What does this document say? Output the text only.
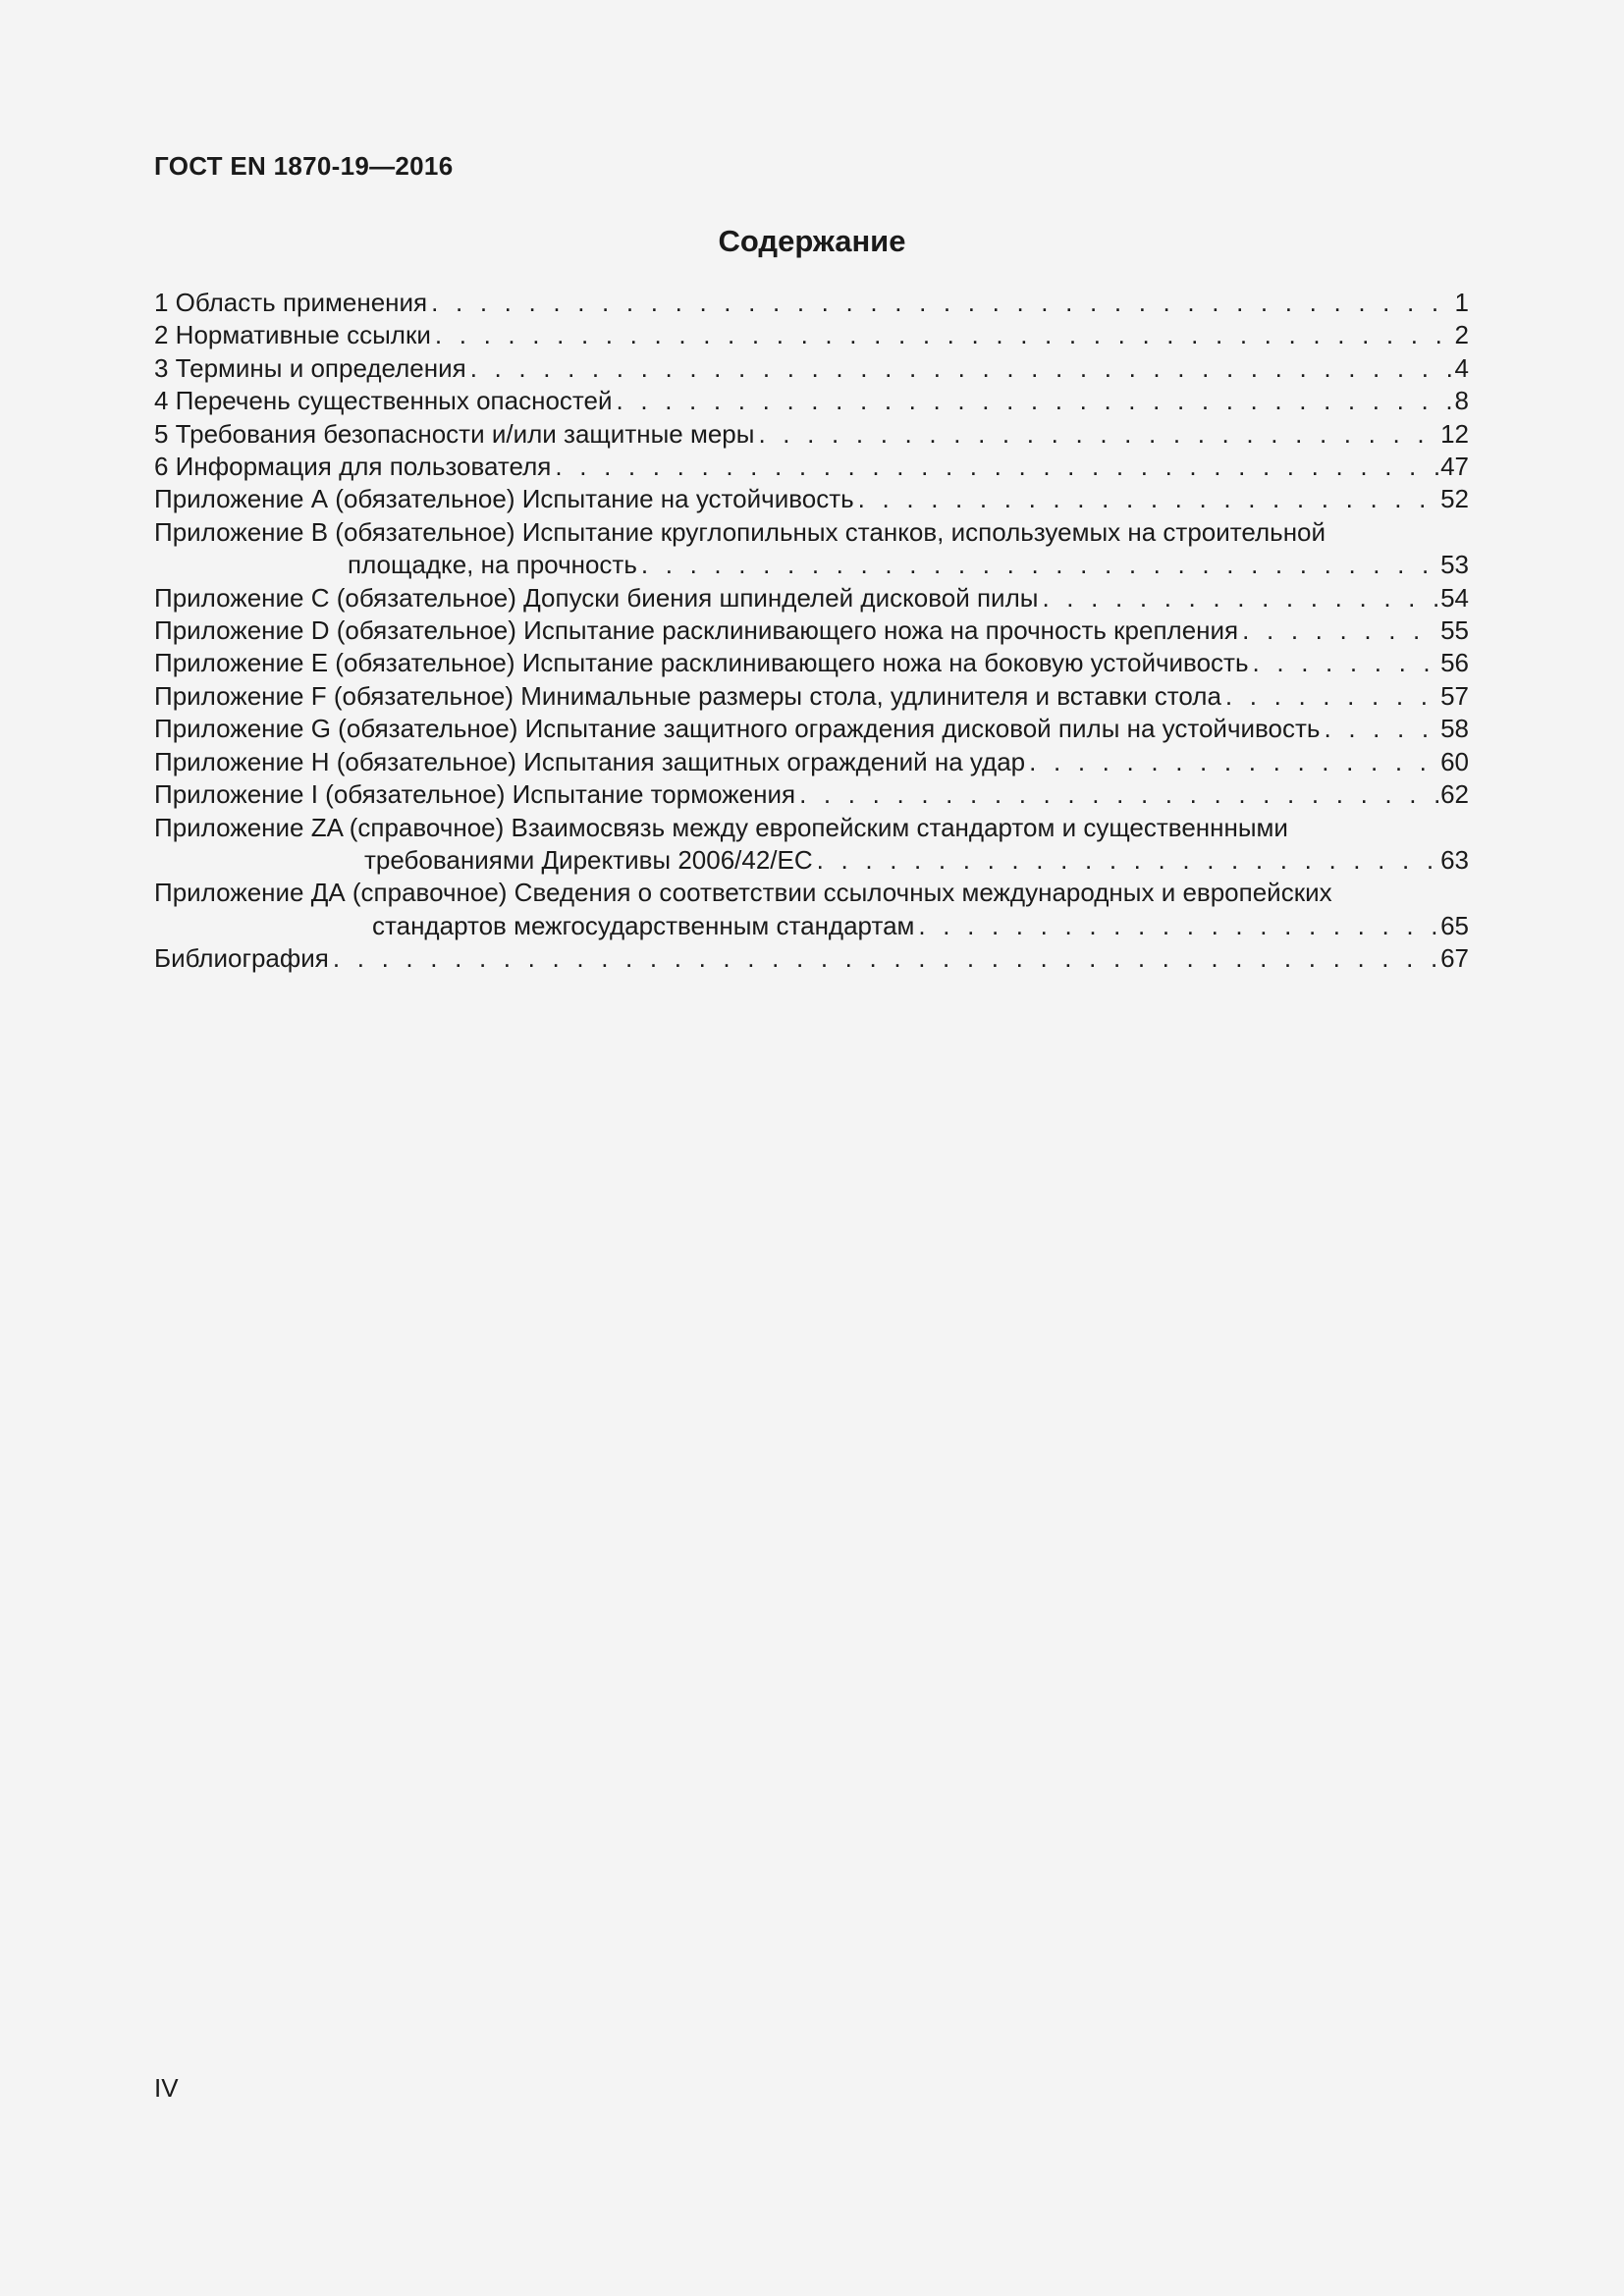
ГОСТ EN 1870-19—2016
Содержание
1 Область применения . . .	1
2 Нормативные ссылки . . .	2
3 Термины и определения . . .	4
4 Перечень существенных опасностей . . .	8
5 Требования безопасности и/или защитные меры . . .	12
6 Информация для пользователя . . .	47
Приложение А (обязательное) Испытание на устойчивость . . .	52
Приложение В (обязательное) Испытание круглопильных станков, используемых на строительной
площадке, на прочность . . .	53
Приложение С (обязательное) Допуски биения шпинделей дисковой пилы . . .	54
Приложение D (обязательное) Испытание расклинивающего ножа на прочность крепления . . .	55
Приложение Е (обязательное) Испытание расклинивающего ножа на боковую устойчивость . . .	56
Приложение F (обязательное) Минимальные размеры стола, удлинителя и вставки стола . . .	57
Приложение G (обязательное) Испытание защитного ограждения дисковой пилы на устойчивость . . .	58
Приложение Н (обязательное) Испытания защитных ограждений на удар . . .	60
Приложение I (обязательное) Испытание торможения . . .	62
Приложение ZA (справочное) Взаимосвязь между европейским стандартом и существеннными
требованиями Директивы 2006/42/ЕС . . .	63
Приложение ДА (справочное) Сведения о соответствии ссылочных международных и европейских
стандартов межгосударственным стандартам . . .	65
Библиография . . .	67

IV
